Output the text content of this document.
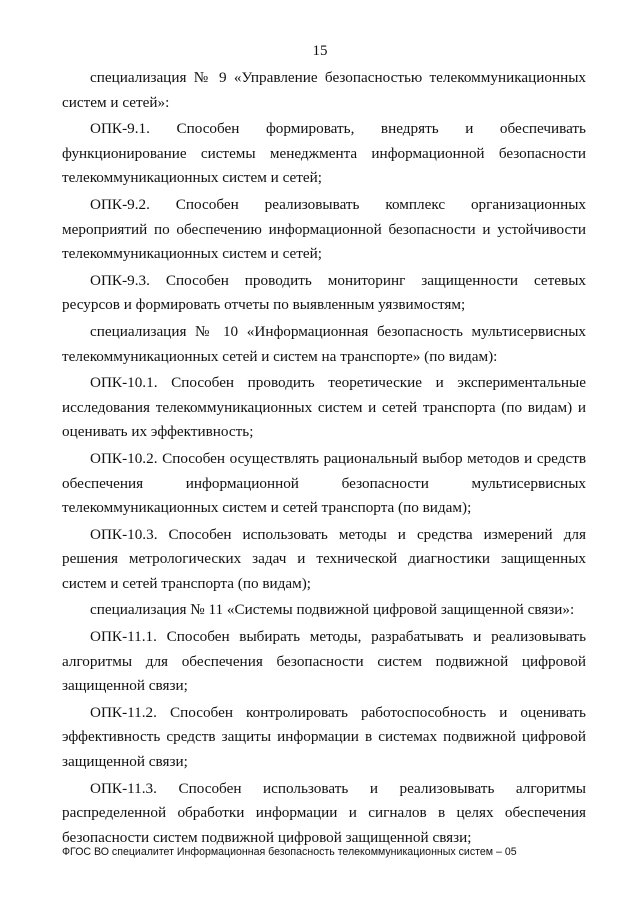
15

специализация № 9 «Управление безопасностью телекоммуникационных систем и сетей»:

ОПК-9.1. Способен формировать, внедрять и обеспечивать функционирование системы менеджмента информационной безопасности телекоммуникационных систем и сетей;

ОПК-9.2. Способен реализовывать комплекс организационных мероприятий по обеспечению информационной безопасности и устойчивости телекоммуникационных систем и сетей;

ОПК-9.3. Способен проводить мониторинг защищенности сетевых ресурсов и формировать отчеты по выявленным уязвимостям;

специализация № 10 «Информационная безопасность мультисервисных телекоммуникационных сетей и систем на транспорте» (по видам):

ОПК-10.1. Способен проводить теоретические и экспериментальные исследования телекоммуникационных систем и сетей транспорта (по видам) и оценивать их эффективность;

ОПК-10.2. Способен осуществлять рациональный выбор методов и средств обеспечения информационной безопасности мультисервисных телекоммуникационных систем и сетей транспорта (по видам);

ОПК-10.3. Способен использовать методы и средства измерений для решения метрологических задач и технической диагностики защищенных систем и сетей транспорта (по видам);

специализация № 11 «Системы подвижной цифровой защищенной связи»:

ОПК-11.1. Способен выбирать методы, разрабатывать и реализовывать алгоритмы для обеспечения безопасности систем подвижной цифровой защищенной связи;

ОПК-11.2. Способен контролировать работоспособность и оценивать эффективность средств защиты информации в системах подвижной цифровой защищенной связи;

ОПК-11.3. Способен использовать и реализовывать алгоритмы распределенной обработки информации и сигналов в целях обеспечения безопасности систем подвижной цифровой защищенной связи;

ФГОС ВО специалитет Информационная безопасность телекоммуникационных систем – 05
